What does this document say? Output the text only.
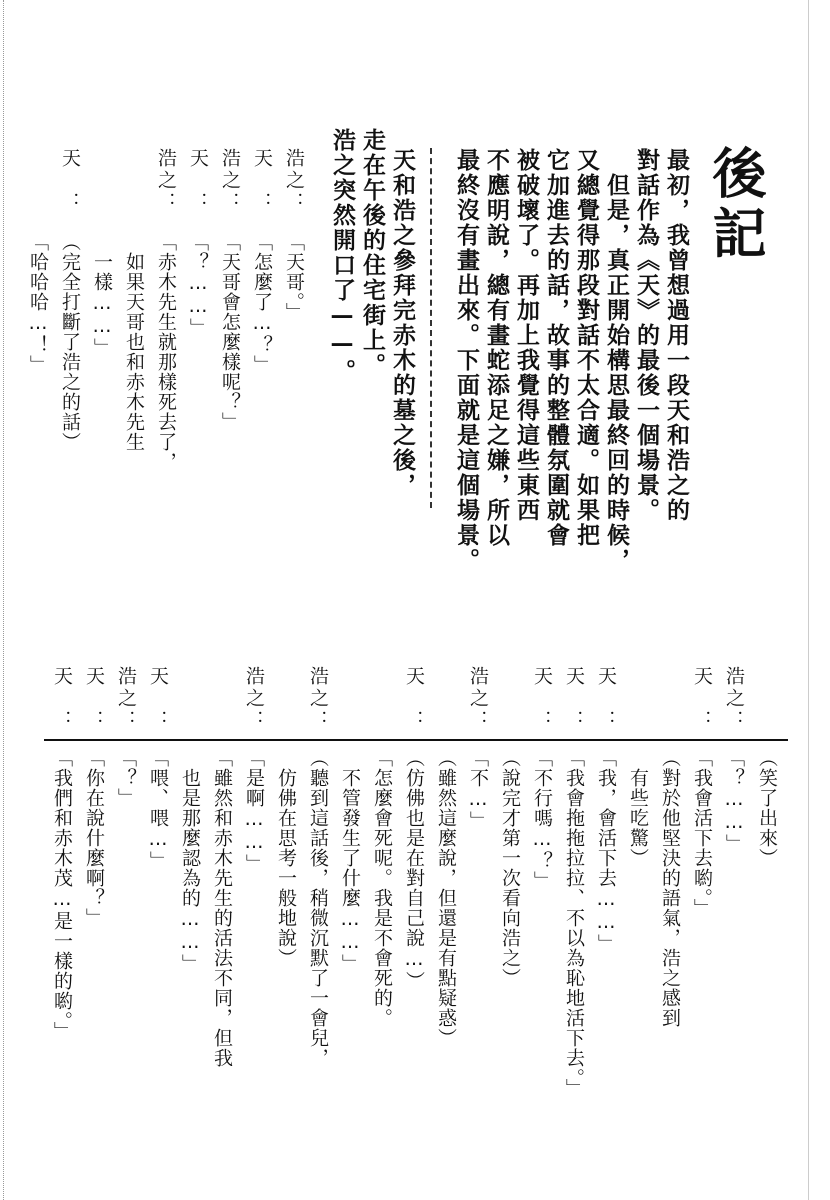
後記
最初，我曾想過用一段天和浩之的
對話作為《天》的最後一個場景。
　但是，真正開始構思最終回的時候，
又總覺得那段對話不太合適。如果把
它加進去的話，故事的整體氛圍就會
被破壞了。再加上我覺得這些東西
不應明說，總有畫蛇添足之嫌，所以
最終沒有畫出來。下面就是這個場景。
天和浩之參拜完赤木的墓之後，
走在午後的住宅街上。
浩之突然開口了——。
浩之：
「天哥。」
天　：
「怎麼了…？」
浩之：
「天哥會怎麼樣呢？」
天　：
「？……」
浩之：
「赤木先生就那樣死去了，
　如果天哥也和赤木先生
　一樣……」
天　：
（完全打斷了浩之的話）
「哈哈哈…！」
（笑了出來）
浩之：
「？……」
天　：
「我會活下去喲。」
（對於他堅決的語氣，浩之感到
　有些吃驚）
天　：
「我，會活下去……」
天　：
「我會拖拖拉拉、不以為恥地活下去。」
天　：
「不行嗎…？」
（說完才第一次看向浩之）
浩之：
「不…」
（雖然這麼說，但還是有點疑惑）
天　：
（仿佛也是在對自己說…）
「怎麼會死呢。我是不會死的。
　不管發生了什麼……」
浩之：
（聽到這話後，稍微沉默了一會兒，
　仿佛在思考一般地說）
浩之：
「是啊……」
「雖然和赤木先生的活法不同，但我
　也是那麼認為的……」
天　：
「喂、喂…」
浩之：
「？」
天　：
「你在說什麼啊？」
天　：
「我們和赤木茂…是一樣的喲。」
